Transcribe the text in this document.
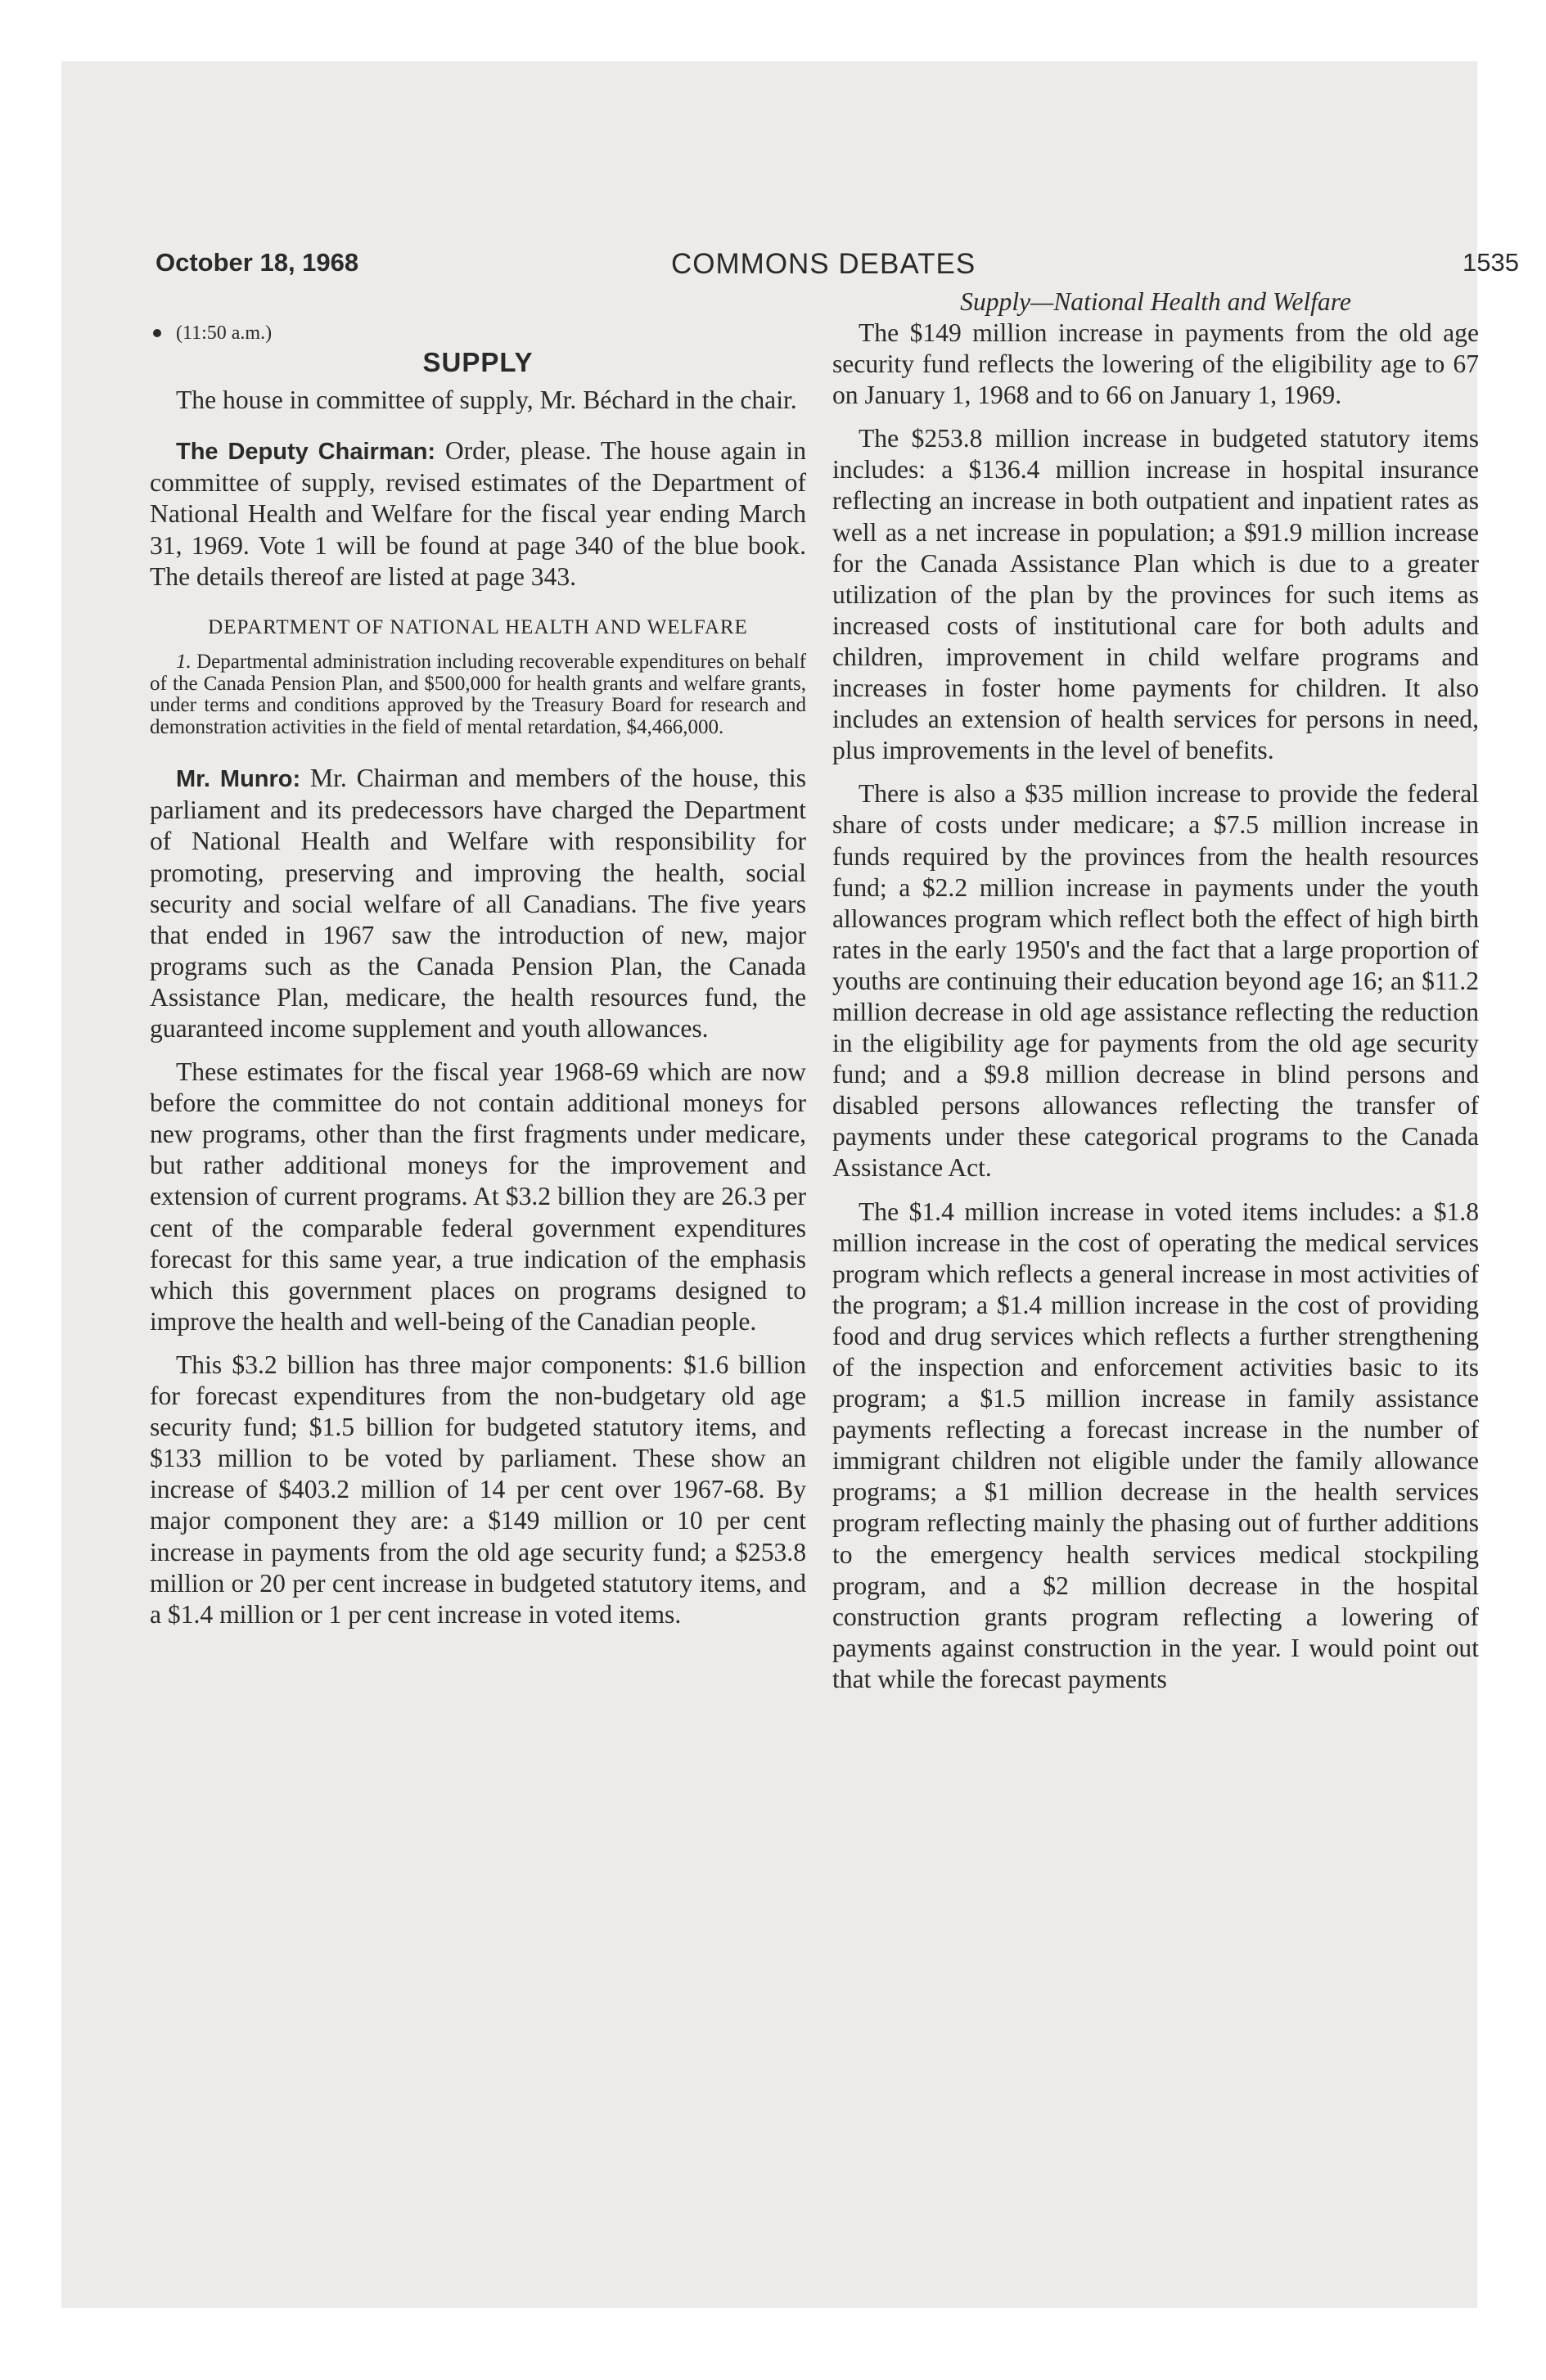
October 18, 1968	COMMONS DEBATES	1535

(11:50 a.m.)

SUPPLY

The house in committee of supply, Mr. Béchard in the chair.

The Deputy Chairman: Order, please. The house again in committee of supply, revised estimates of the Department of National Health and Welfare for the fiscal year ending March 31, 1969. Vote 1 will be found at page 340 of the blue book. The details thereof are listed at page 343.

DEPARTMENT OF NATIONAL HEALTH AND WELFARE

1. Departmental administration including recoverable expenditures on behalf of the Canada Pension Plan, and $500,000 for health grants and welfare grants, under terms and conditions approved by the Treasury Board for research and demonstration activities in the field of mental retardation, $4,466,000.

Mr. Munro: Mr. Chairman and members of the house, this parliament and its predecessors have charged the Department of National Health and Welfare with responsibility for promoting, preserving and improving the health, social security and social welfare of all Canadians. The five years that ended in 1967 saw the introduction of new, major programs such as the Canada Pension Plan, the Canada Assistance Plan, medicare, the health resources fund, the guaranteed income supplement and youth allowances.

These estimates for the fiscal year 1968-69 which are now before the committee do not contain additional moneys for new programs, other than the first fragments under medicare, but rather additional moneys for the improvement and extension of current programs. At $3.2 billion they are 26.3 per cent of the comparable federal government expenditures forecast for this same year, a true indication of the emphasis which this government places on programs designed to improve the health and well-being of the Canadian people.

This $3.2 billion has three major components: $1.6 billion for forecast expenditures from the non-budgetary old age security fund; $1.5 billion for budgeted statutory items, and $133 million to be voted by parliament. These show an increase of $403.2 million of 14 per cent over 1967-68. By major component they are: a $149 million or 10 per cent increase in payments from the old age security fund; a $253.8 million or 20 per cent increase in budgeted statutory items, and a $1.4 million or 1 per cent increase in voted items.

Supply—National Health and Welfare

The $149 million increase in payments from the old age security fund reflects the lowering of the eligibility age to 67 on January 1, 1968 and to 66 on January 1, 1969.

The $253.8 million increase in budgeted statutory items includes: a $136.4 million increase in hospital insurance reflecting an increase in both outpatient and inpatient rates as well as a net increase in population; a $91.9 million increase for the Canada Assistance Plan which is due to a greater utilization of the plan by the provinces for such items as increased costs of institutional care for both adults and children, improvement in child welfare programs and increases in foster home payments for children. It also includes an extension of health services for persons in need, plus improvements in the level of benefits.

There is also a $35 million increase to provide the federal share of costs under medicare; a $7.5 million increase in funds required by the provinces from the health resources fund; a $2.2 million increase in payments under the youth allowances program which reflect both the effect of high birth rates in the early 1950's and the fact that a large proportion of youths are continuing their education beyond age 16; an $11.2 million decrease in old age assistance reflecting the reduction in the eligibility age for payments from the old age security fund; and a $9.8 million decrease in blind persons and disabled persons allowances reflecting the transfer of payments under these categorical programs to the Canada Assistance Act.

The $1.4 million increase in voted items includes: a $1.8 million increase in the cost of operating the medical services program which reflects a general increase in most activities of the program; a $1.4 million increase in the cost of providing food and drug services which reflects a further strengthening of the inspection and enforcement activities basic to its program; a $1.5 million increase in family assistance payments reflecting a forecast increase in the number of immigrant children not eligible under the family allowance programs; a $1 million decrease in the health services program reflecting mainly the phasing out of further additions to the emergency health services medical stockpiling program, and a $2 million decrease in the hospital construction grants program reflecting a lowering of payments against construction in the year. I would point out that while the forecast payments
